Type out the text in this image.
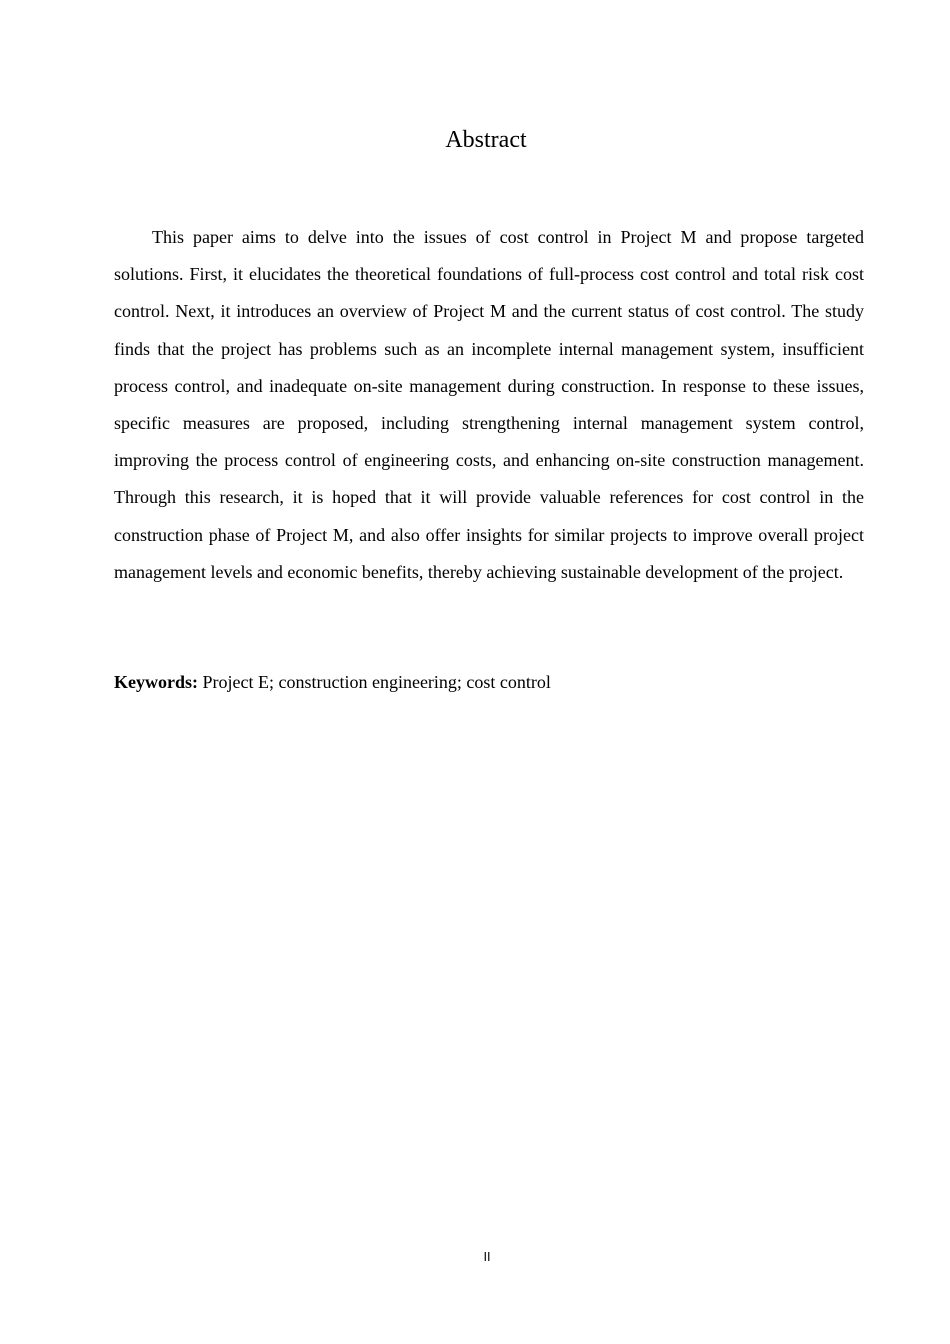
Abstract

This paper aims to delve into the issues of cost control in Project M and propose targeted solutions. First, it elucidates the theoretical foundations of full-process cost control and total risk cost control. Next, it introduces an overview of Project M and the current status of cost control. The study finds that the project has problems such as an incomplete internal management system, insufficient process control, and inadequate on-site management during construction. In response to these issues, specific measures are proposed, including strengthening internal management system control, improving the process control of engineering costs, and enhancing on-site construction management. Through this research, it is hoped that it will provide valuable references for cost control in the construction phase of Project M, and also offer insights for similar projects to improve overall project management levels and economic benefits, thereby achieving sustainable development of the project.

Keywords: Project E; construction engineering; cost control

II
